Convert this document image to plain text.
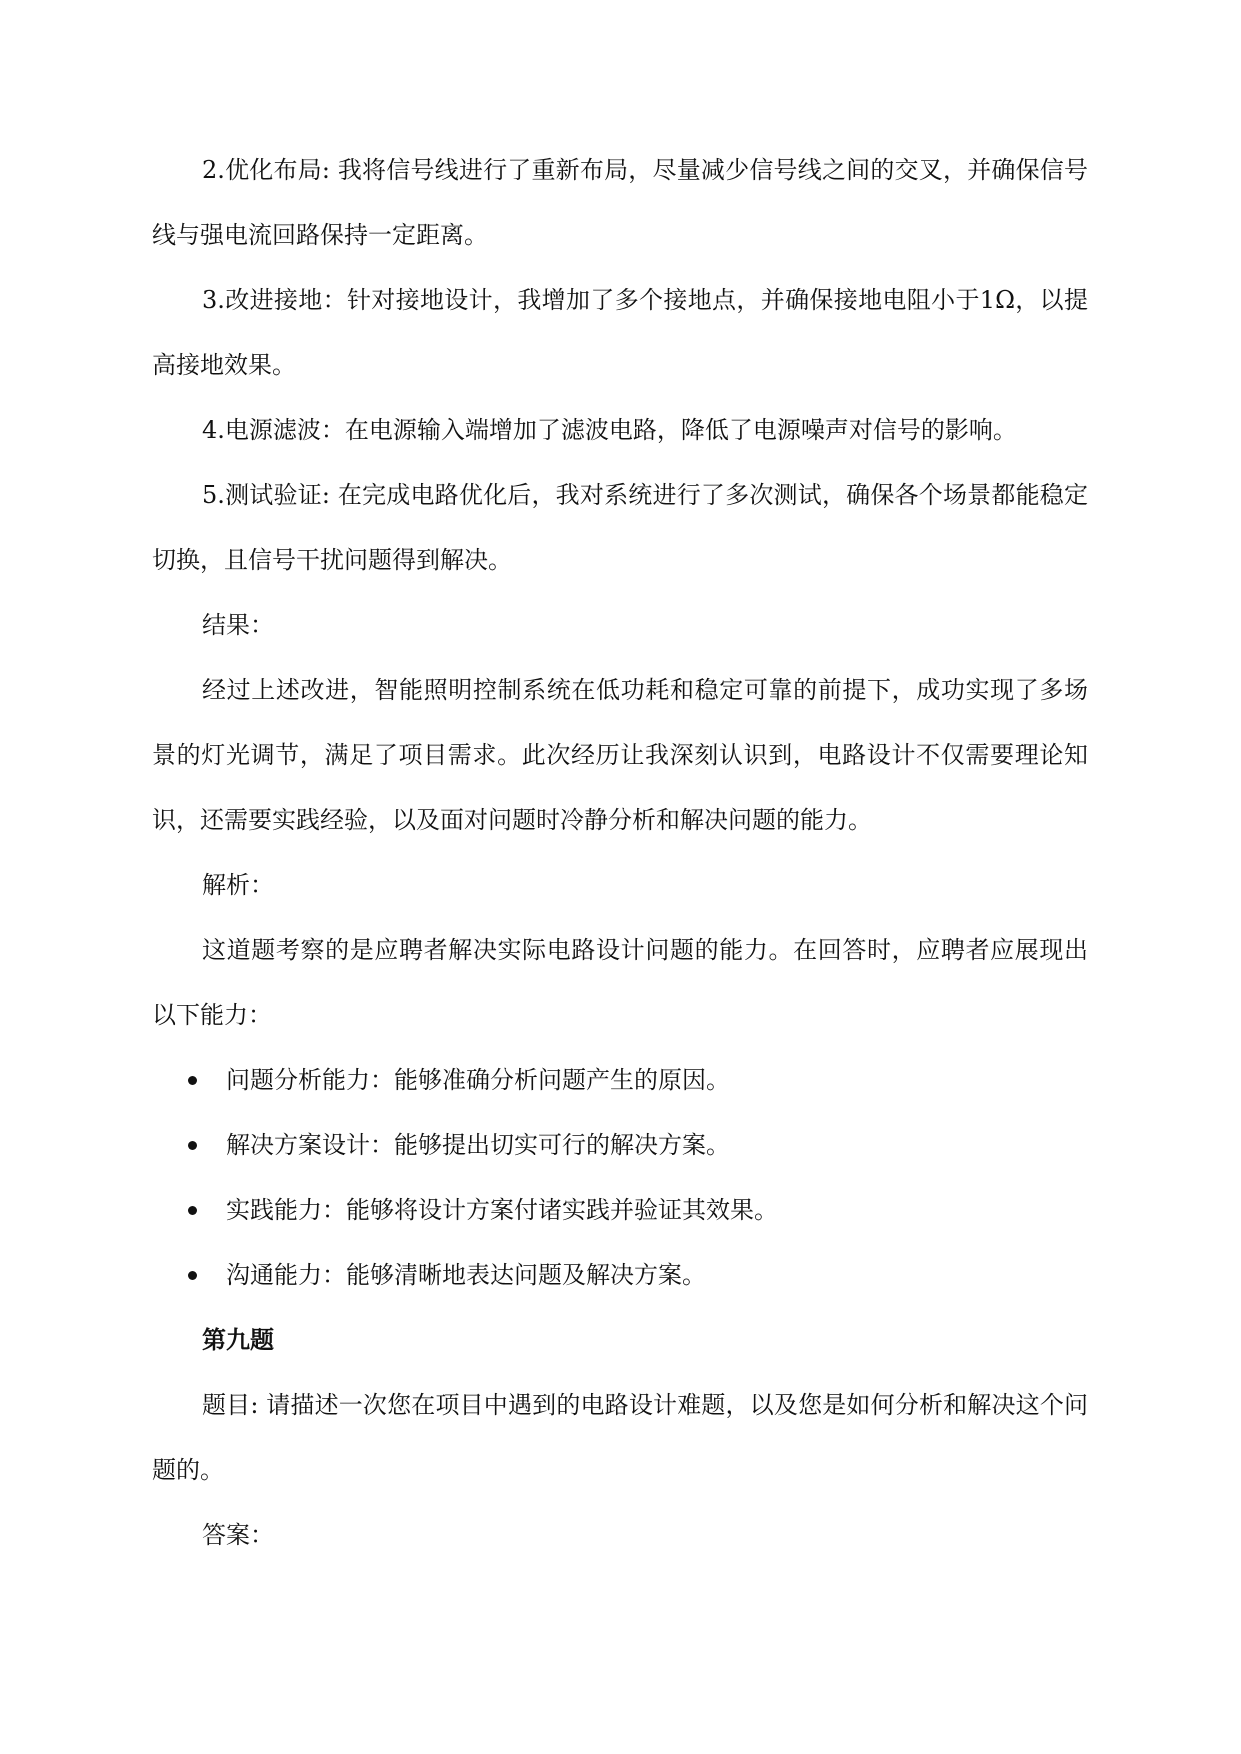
2.优化布局: 我将信号线进行了重新布局，尽量减少信号线之间的交叉，并确保信号线与强电流回路保持一定距离。

3.改进接地：针对接地设计，我增加了多个接地点，并确保接地电阻小于1Ω，以提高接地效果。

4.电源滤波：在电源输入端增加了滤波电路，降低了电源噪声对信号的影响。

5.测试验证: 在完成电路优化后，我对系统进行了多次测试，确保各个场景都能稳定切换，且信号干扰问题得到解决。

结果：

经过上述改进，智能照明控制系统在低功耗和稳定可靠的前提下，成功实现了多场景的灯光调节，满足了项目需求。此次经历让我深刻认识到，电路设计不仅需要理论知识，还需要实践经验，以及面对问题时冷静分析和解决问题的能力。

解析：

这道题考察的是应聘者解决实际电路设计问题的能力。在回答时，应聘者应展现出以下能力：

问题分析能力：能够准确分析问题产生的原因。
解决方案设计：能够提出切实可行的解决方案。
实践能力：能够将设计方案付诸实践并验证其效果。
沟通能力：能够清晰地表达问题及解决方案。

第九题

题目: 请描述一次您在项目中遇到的电路设计难题，以及您是如何分析和解决这个问题的。

答案：
